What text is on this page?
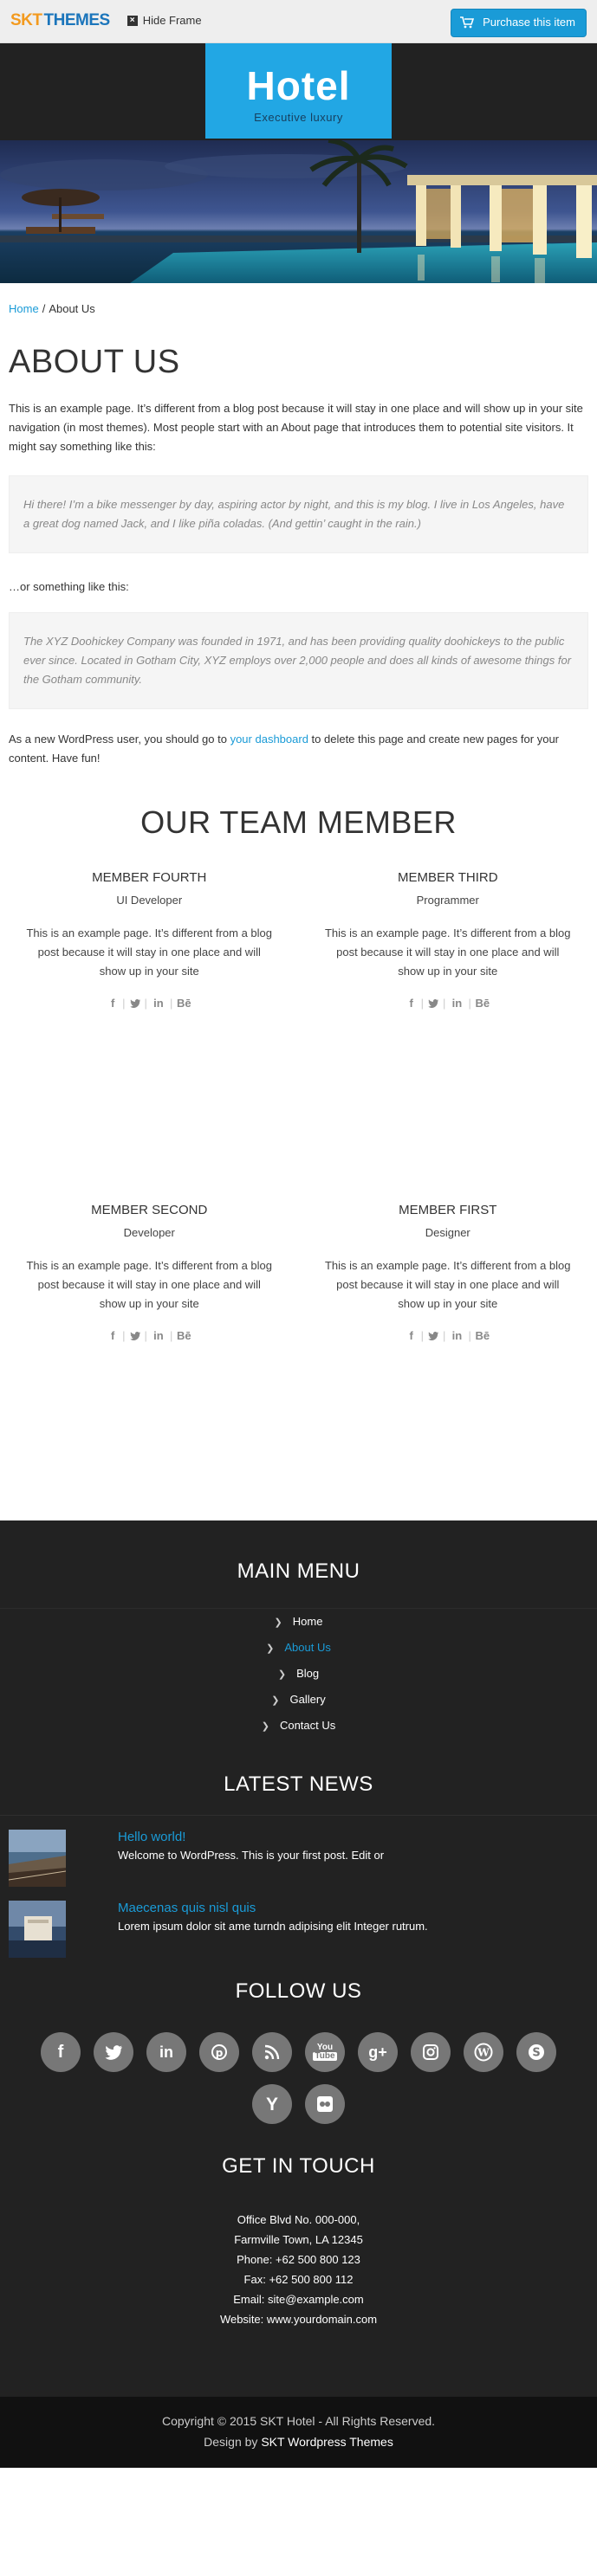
SKT THEMES	× Hide Frame	Purchase this item
Hotel
Executive luxury
Home / About Us
ABOUT US

This is an example page. It’s different from a blog post because it will stay in one place and will show up in your site navigation (in most themes). Most people start with an About page that introduces them to potential site visitors. It might say something like this:

Hi there! I’m a bike messenger by day, aspiring actor by night, and this is my blog. I live in Los Angeles, have a great dog named Jack, and I like piña coladas. (And gettin’ caught in the rain.)

…or something like this:

The XYZ Doohickey Company was founded in 1971, and has been providing quality doohickeys to the public ever since. Located in Gotham City, XYZ employs over 2,000 people and does all kinds of awesome things for the Gotham community.

As a new WordPress user, you should go to your dashboard to delete this page and create new pages for your content. Have fun!

OUR TEAM MEMBER
MEMBER FOURTH
UI Developer
This is an example page. It’s different from a blog post because it will stay in one place and will show up in your site
f | | in | Bē
MEMBER THIRD
Programmer
This is an example page. It’s different from a blog post because it will stay in one place and will show up in your site
f | | in | Bē
MEMBER SECOND
Developer
This is an example page. It’s different from a blog post because it will stay in one place and will show up in your site
f | | in | Bē
MEMBER FIRST
Designer
This is an example page. It’s different from a blog post because it will stay in one place and will show up in your site
f | | in | Bē
MAIN MENU
❯ Home
❯ About Us
❯ Blog
❯ Gallery
❯ Contact Us
LATEST NEWS
Hello world!
Welcome to WordPress. This is your first post. Edit or
Maecenas quis nisl quis
Lorem ipsum dolor sit ame turndn adipising elit Integer rutrum.
FOLLOW US
f	in	p	You
Tube	g+	W	S
Y
GET IN TOUCH
Office Blvd No. 000-000,
Farmville Town, LA 12345
Phone: +62 500 800 123
Fax: +62 500 800 112
Email: site@example.com
Website: www.yourdomain.com
Copyright © 2015 SKT Hotel - All Rights Reserved.
Design by SKT Wordpress Themes
